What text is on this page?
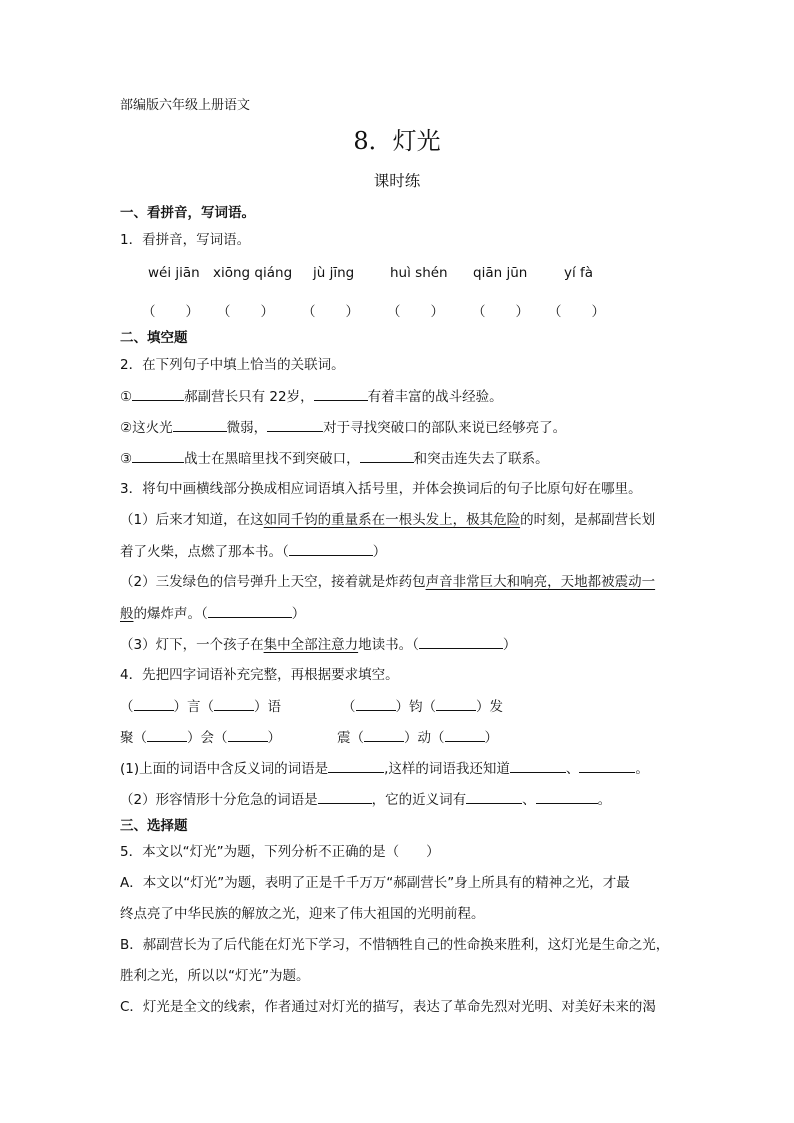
部编版六年级上册语文
8．灯光
课时练
一、看拼音，写词语。
1．看拼音，写词语。
wéi jiān xiōng qiáng jù jīng	huì shén qiān jūn	yí fà
（ ） （ ） （ ） （ ） （ ） （ ）
二、填空题
2．在下列句子中填上恰当的关联词。
①	郝副营长只有 22岁，	有着丰富的战斗经验。
②这火光	微弱，	对于寻找突破口的部队来说已经够亮了。
③	战士在黑暗里找不到突破口，	和突击连失去了联系。
3．将句中画横线部分换成相应词语填入括号里，并体会换词后的句子比原句好在哪里。
（1）后来才知道，在这如同千钧的重量系在一根头发上，极其危险的时刻，是郝副营长划
着了火柴，点燃了那本书。（	）
（2）三发绿色的信号弹升上天空，接着就是炸药包声音非常巨大和响亮，天地都被震动一
般的爆炸声。（	）
（3）灯下，一个孩子在集中全部注意力地读书。（	）
4．先把四字词语补充完整，再根据要求填空。
（	）言（	）语	（	）钧（	）发
聚（	）会（	）	震（	）动（	）
(1)上面的词语中含反义词的词语是	,这样的词语我还知道	、	。
（2）形容情形十分危急的词语是	，它的近义词有	、	。
三、选择题
5．本文以“灯光”为题，下列分析不正确的是（　　）
A．本文以“灯光”为题，表明了正是千千万万“郝副营长”身上所具有的精神之光，才最
终点亮了中华民族的解放之光，迎来了伟大祖国的光明前程。
B．郝副营长为了后代能在灯光下学习，不惜牺牲自己的性命换来胜利，这灯光是生命之光，
胜利之光，所以以“灯光”为题。
C．灯光是全文的线索，作者通过对灯光的描写，表达了革命先烈对光明、对美好未来的渴
